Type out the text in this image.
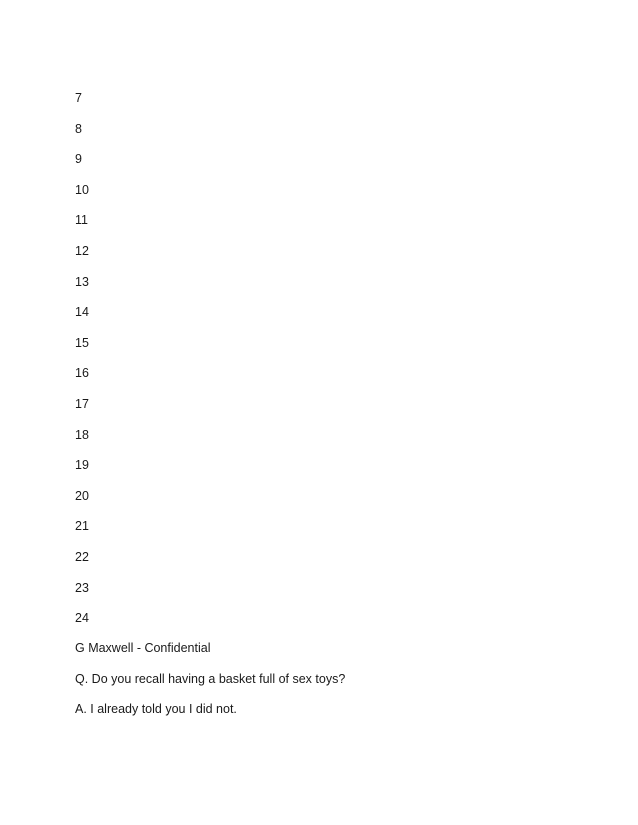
7
8
9
10
11
12
13
14
15
16
17
18
19
20
21
22
23
24
G Maxwell - Confidential
Q. Do you recall having a basket full of sex toys?
A. I already told you I did not.
